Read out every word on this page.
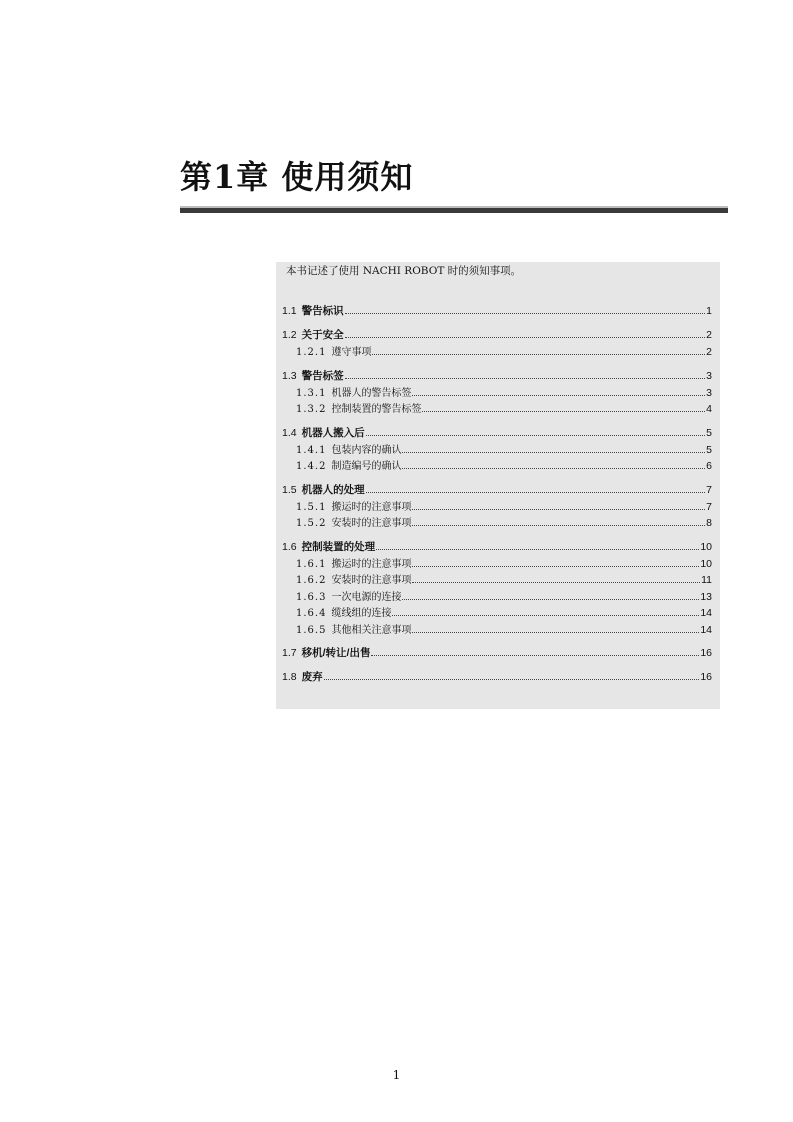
第1章 使用须知
本书记述了使用 NACHI ROBOT 时的须知事项。
1.1 警告标识	1
1.2 关于安全	2
1.2.1 遵守事项	2
1.3 警告标签	3
1.3.1 机器人的警告标签	3
1.3.2 控制装置的警告标签	4
1.4 机器人搬入后	5
1.4.1 包装内容的确认	5
1.4.2 制造编号的确认	6
1.5 机器人的处理	7
1.5.1 搬运时的注意事项	7
1.5.2 安装时的注意事项	8
1.6 控制装置的处理	10
1.6.1 搬运时的注意事项	10
1.6.2 安装时的注意事项	11
1.6.3 一次电源的连接	13
1.6.4 缆线组的连接	14
1.6.5 其他相关注意事项	14
1.7 移机/转让/出售	16
1.8 废弃	16
1
